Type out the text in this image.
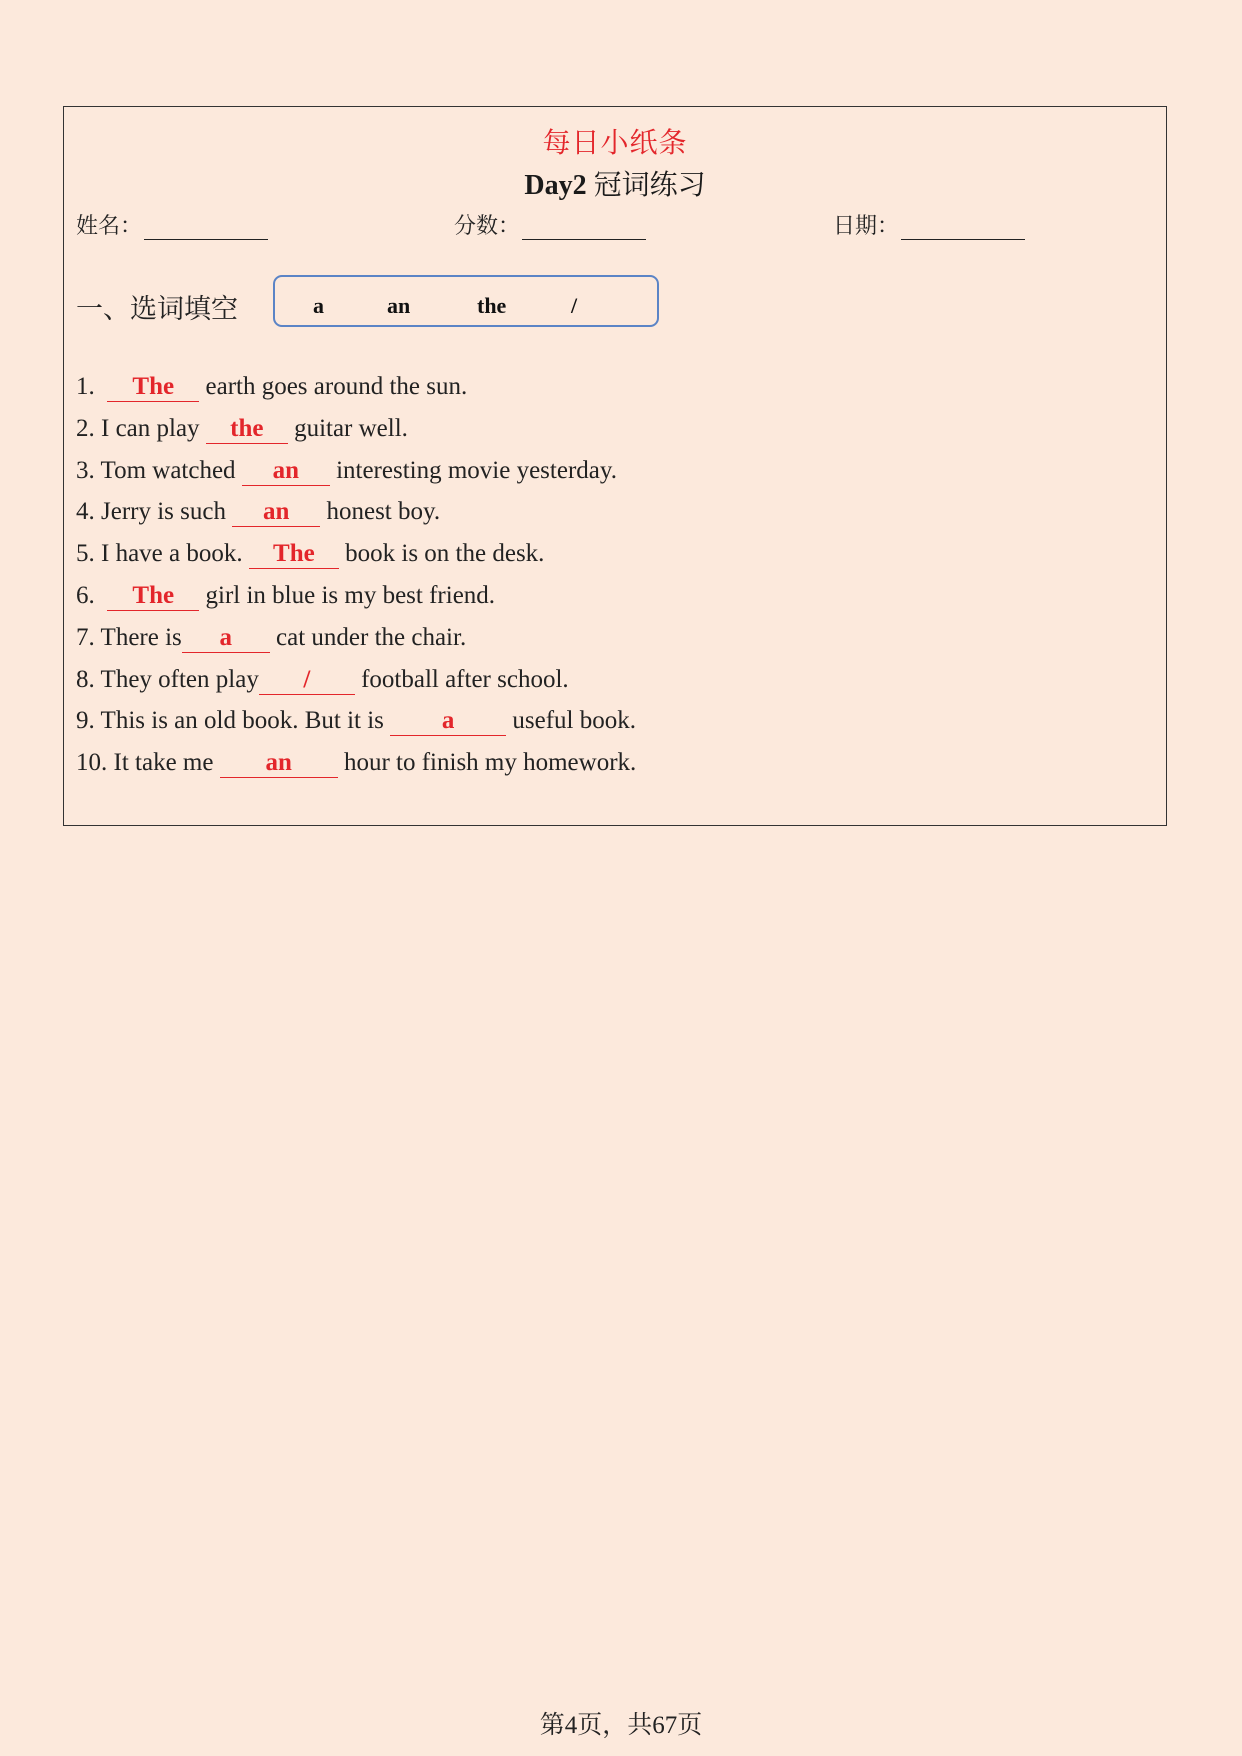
每日小纸条
Day2 冠词练习
姓名：	分数：	日期：
一、选词填空	a	an	the	/
1.  The earth goes around the sun.
2. I can play the guitar well.
3. Tom watched an interesting movie yesterday.
4. Jerry is such an honest boy.
5. I have a book. The book is on the desk.
6.  The girl in blue is my best friend.
7. There is a cat under the chair.
8. They often play / football after school.
9. This is an old book. But it is a useful book.
10. It take me an hour to finish my homework.
第4页，共67页
